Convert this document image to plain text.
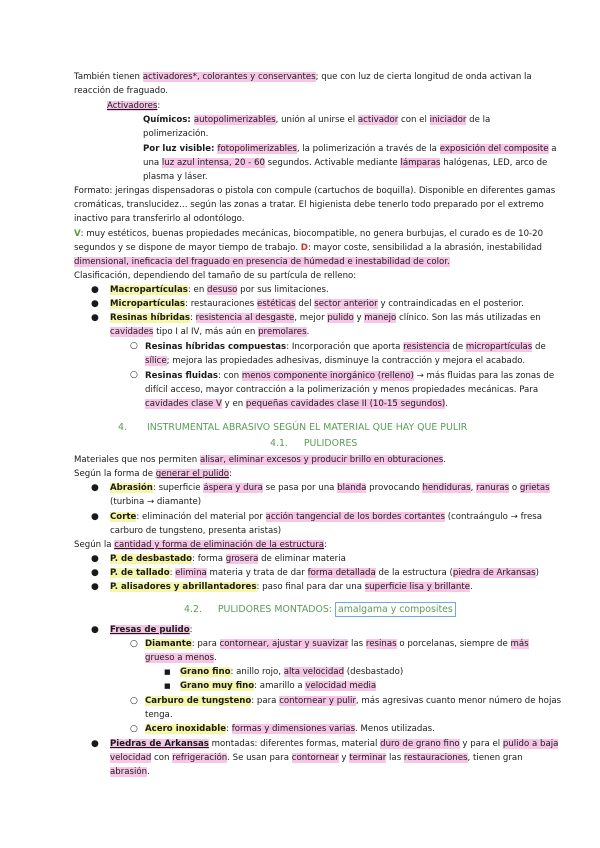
También tienen activadores*, colorantes y conservantes; que con luz de cierta longitud de onda activan la
reacción de fraguado.
Activadores:
Químicos: autopolimerizables, unión al unirse el activador con el iniciador de la
polimerización.
Por luz visible: fotopolimerizables, la polimerización a través de la exposición del composite a
una luz azul intensa, 20 - 60 segundos. Activable mediante lámparas halógenas, LED, arco de
plasma y láser.
Formato: jeringas dispensadoras o pistola con compule (cartuchos de boquilla). Disponible en diferentes gamas
cromáticas, translucidez… según las zonas a tratar. El higienista debe tenerlo todo preparado por el extremo
inactivo para transferirlo al odontólogo.
V: muy estéticos, buenas propiedades mecánicas, biocompatible, no genera burbujas, el curado es de 10-20
segundos y se dispone de mayor tiempo de trabajo. D: mayor coste, sensibilidad a la abrasión, inestabilidad
dimensional, ineficacia del fraguado en presencia de húmedad e inestabilidad de color.
Clasificación, dependiendo del tamaño de su partícula de relleno:
● Macropartículas: en desuso por sus limitaciones.
● Micropartículas: restauraciones estéticas del sector anterior y contraindicadas en el posterior.
● Resinas híbridas: resistencia al desgaste, mejor pulido y manejo clínico. Son las más utilizadas en
cavidades tipo I al IV, más aún en premolares.
○ Resinas híbridas compuestas: Incorporación que aporta resistencia de micropartículas de
sílice; mejora las propiedades adhesivas, disminuye la contracción y mejora el acabado.
○ Resinas fluidas: con menos componente inorgánico (relleno) → más fluidas para las zonas de
difícil acceso, mayor contracción a la polimerización y menos propiedades mecánicas. Para
cavidades clase V y en pequeñas cavidades clase II (10-15 segundos).
4. INSTRUMENTAL ABRASIVO SEGÚN EL MATERIAL QUE HAY QUE PULIR
4.1. PULIDORES
Materiales que nos permiten alisar, eliminar excesos y producir brillo en obturaciones.
Según la forma de generar el pulido:
● Abrasión: superficie áspera y dura se pasa por una blanda provocando hendiduras, ranuras o grietas
(turbina → diamante)
● Corte: eliminación del material por acción tangencial de los bordes cortantes (contraángulo → fresa
carburo de tungsteno, presenta aristas)
Según la cantidad y forma de eliminación de la estructura:
● P. de desbastado: forma grosera de eliminar materia
● P. de tallado: elimina materia y trata de dar forma detallada de la estructura (piedra de Arkansas)
● P. alisadores y abrillantadores: paso final para dar una superficie lisa y brillante.
4.2. PULIDORES MONTADOS: amalgama y composites
● Fresas de pulido:
○ Diamante: para contornear, ajustar y suavizar las resinas o porcelanas, siempre de más
grueso a menos.
■ Grano fino: anillo rojo, alta velocidad (desbastado)
■ Grano muy fino: amarillo a velocidad media
○ Carburo de tungsteno: para contornear y pulir, más agresivas cuanto menor número de hojas
tenga.
○ Acero inoxidable: formas y dimensiones varias. Menos utilizadas.
● Piedras de Arkansas montadas: diferentes formas, material duro de grano fino y para el pulido a baja
velocidad con refrigeración. Se usan para contornear y terminar las restauraciones, tienen gran
abrasión.
